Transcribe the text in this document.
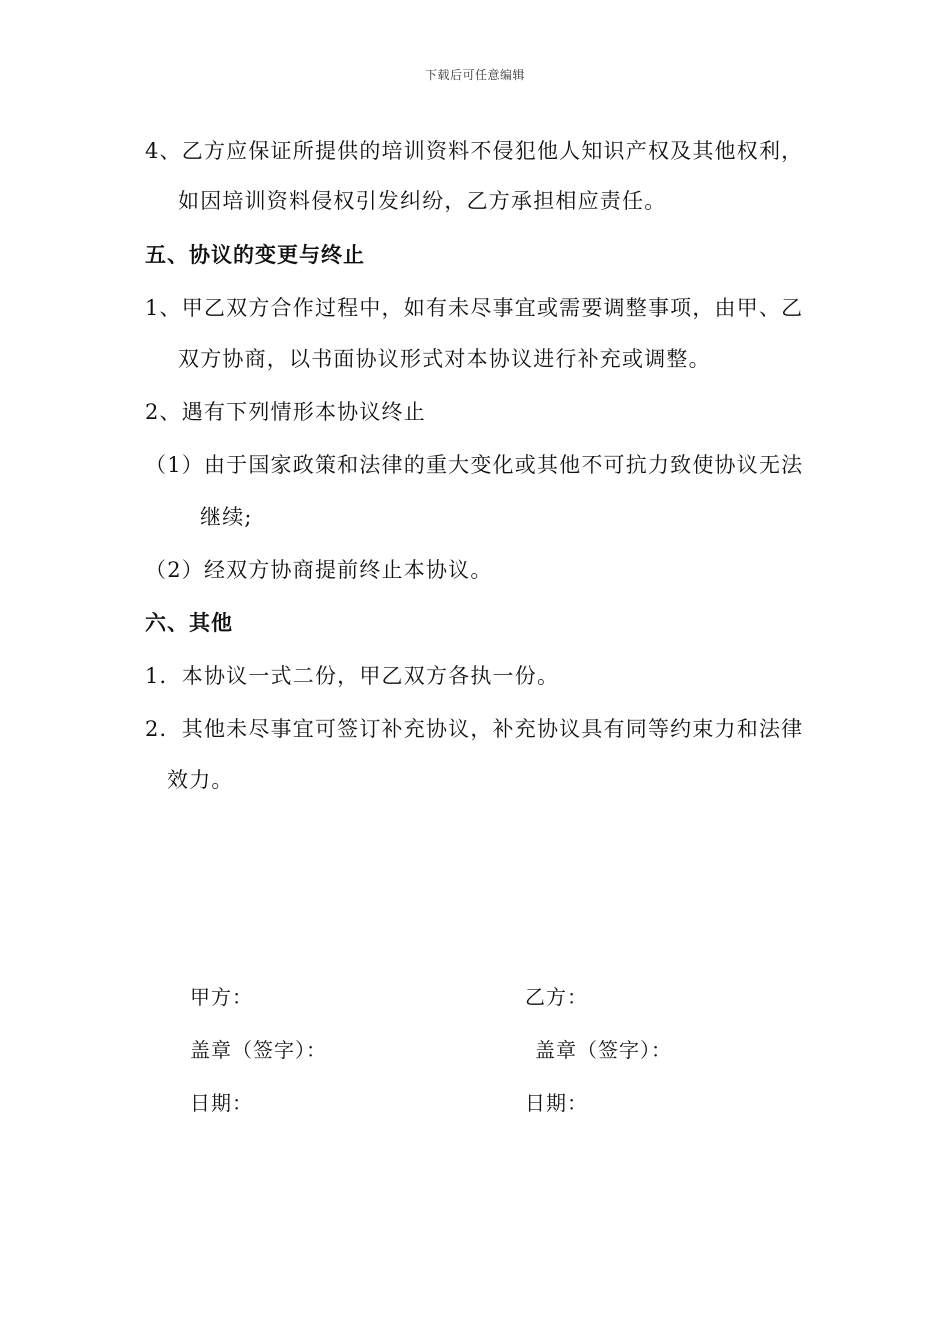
下载后可任意编辑
4、乙方应保证所提供的培训资料不侵犯他人知识产权及其他权利，
如因培训资料侵权引发纠纷，乙方承担相应责任。
五、协议的变更与终止
1、甲乙双方合作过程中，如有未尽事宜或需要调整事项，由甲、乙
双方协商，以书面协议形式对本协议进行补充或调整。
2、遇有下列情形本协议终止
（1）由于国家政策和法律的重大变化或其他不可抗力致使协议无法
继续;
（2）经双方协商提前终止本协议。
六、其他
1．本协议一式二份，甲乙双方各执一份。
2．其他未尽事宜可签订补充协议，补充协议具有同等约束力和法律
效力。
甲方：	乙方：
盖章（签字）：	盖章（签字）：
日期：	日期：
